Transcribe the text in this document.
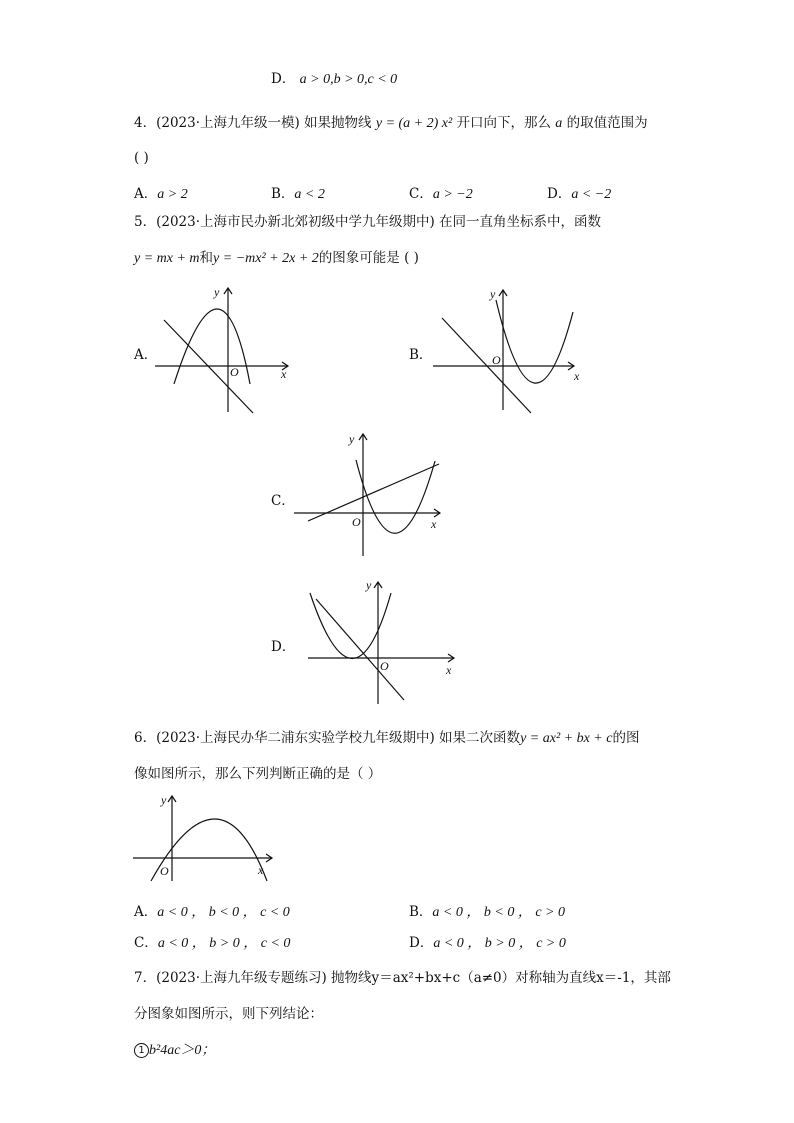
D． a > 0,b > 0,c < 0
4．(2023·上海九年级一模) 如果抛物线 y = (a + 2) x² 开口向下，那么 a 的取值范围为
( )
A．a > 2	B．a < 2	C．a > −2	D．a < −2
5．(2023·上海市民办新北郊初级中学九年级期中) 在同一直角坐标系中，函数
y = mx + m和y = −mx² + 2x + 2的图象可能是 ( )
A．
O	x
y
B．	O
x
y
C．
O	x
y
D．
O	x
y
6．(2023·上海民办华二浦东实验学校九年级期中) 如果二次函数y = ax² + bx + c的图
像如图所示，那么下列判断正确的是（ ）
O	x
y
A．a < 0 ， b < 0 ， c < 0	B．a < 0 ， b < 0 ， c > 0
C．a < 0 ， b > 0 ， c < 0	D．a < 0 ， b > 0 ， c > 0
7．(2023·上海九年级专题练习) 抛物线y＝ax²+bx+c（a≠0）对称轴为直线x＝-1，其部
分图象如图所示，则下列结论：
1 b²4ac＞0；
